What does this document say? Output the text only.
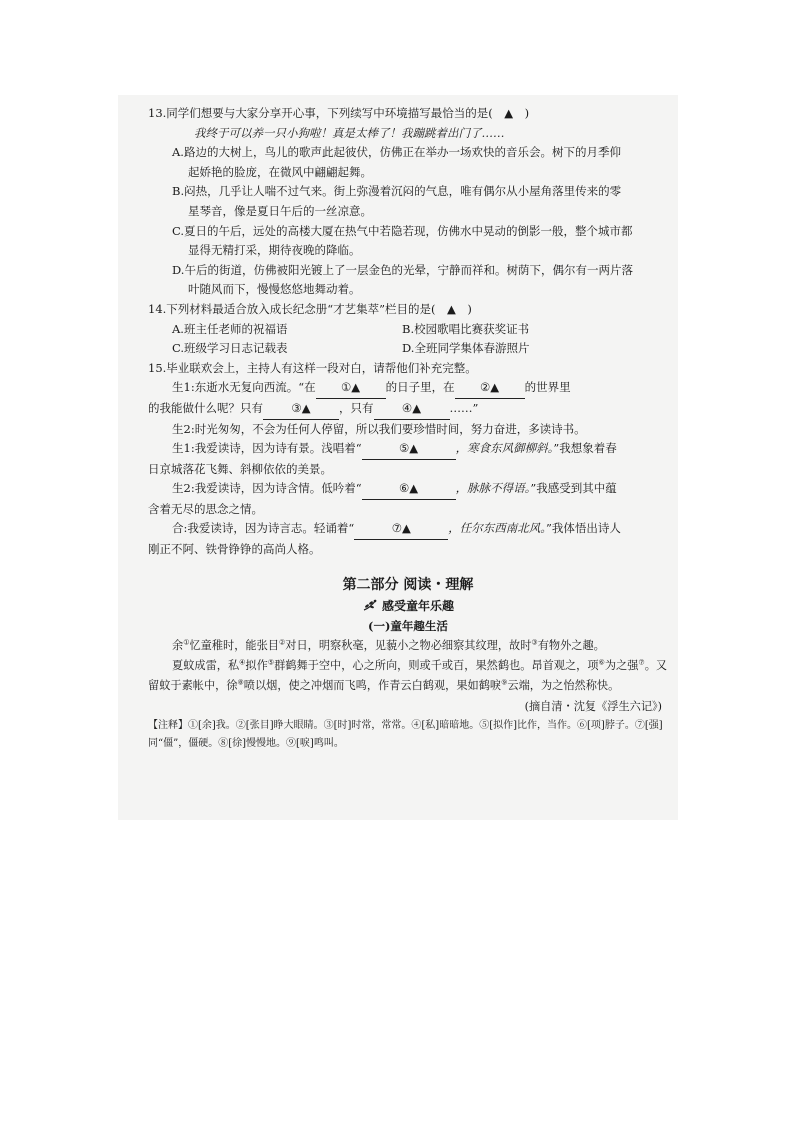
13.同学们想要与大家分享开心事，下列续写中环境描写最恰当的是(　▲　)
我终于可以养一只小狗啦！真是太棒了！我蹦跳着出门了……
A.路边的大树上，鸟儿的歌声此起彼伏，仿佛正在举办一场欢快的音乐会。树下的月季仰
起娇艳的脸庞，在微风中翩翩起舞。
B.闷热，几乎让人喘不过气来。街上弥漫着沉闷的气息，唯有偶尔从小屋角落里传来的零
星琴音，像是夏日午后的一丝凉意。
C.夏日的午后，远处的高楼大厦在热气中若隐若现，仿佛水中晃动的倒影一般，整个城市都
显得无精打采，期待夜晚的降临。
D.午后的街道，仿佛被阳光镀上了一层金色的光晕，宁静而祥和。树荫下，偶尔有一两片落
叶随风而下，慢慢悠悠地舞动着。
14.下列材料最适合放入成长纪念册“才艺集萃”栏目的是(　▲　)
A.班主任老师的祝福语	B.校园歌唱比赛获奖证书
C.班级学习日志记载表	D.全班同学集体春游照片
15.毕业联欢会上，主持人有这样一段对白，请帮他们补充完整。
生1:东逝水无复向西流。“在 ①▲ 的日子里，在 ②▲ 的世界里
的我能做什么呢？只有 ③▲ ，只有 ④▲ ……”
生2:时光匆匆，不会为任何人停留，所以我们要珍惜时间，努力奋进，多读诗书。
生1:我爱读诗，因为诗有景。浅唱着“	⑤▲	，寒食东风御柳斜。”我想象着春
日京城落花飞舞、斜柳依依的美景。
生2:我爱读诗，因为诗含情。低吟着“	⑥▲	，脉脉不得语。”我感受到其中蕴
含着无尽的思念之情。
合:我爱读诗，因为诗言志。轻诵着“	⑦▲	，任尔东西南北风。”我体悟出诗人
刚正不阿、铁骨铮铮的高尚人格。
第二部分 阅读・理解
感受童年乐趣
(一)童年趣生活
余①忆童稚时，能张目②对日，明察秋毫，见藐小之物必细察其纹理，故时③有物外之趣。
夏蚊成雷，私④拟作⑤群鹤舞于空中，心之所向，则或千或百，果然鹤也。昂首观之，项⑥为之强⑦。又留蚊于素帐中，徐⑧喷以烟，使之冲烟而飞鸣，作青云白鹤观，果如鹤唳⑨云端，为之怡然称快。
(摘自清・沈复《浮生六记》)
【注释】①[余]我。②[张目]睁大眼睛。③[时]时常，常常。④[私]暗暗地。⑤[拟作]比作，当作。⑥[项]脖子。⑦[强]同“僵”，僵硬。⑧[徐]慢慢地。⑨[唳]鸣叫。
